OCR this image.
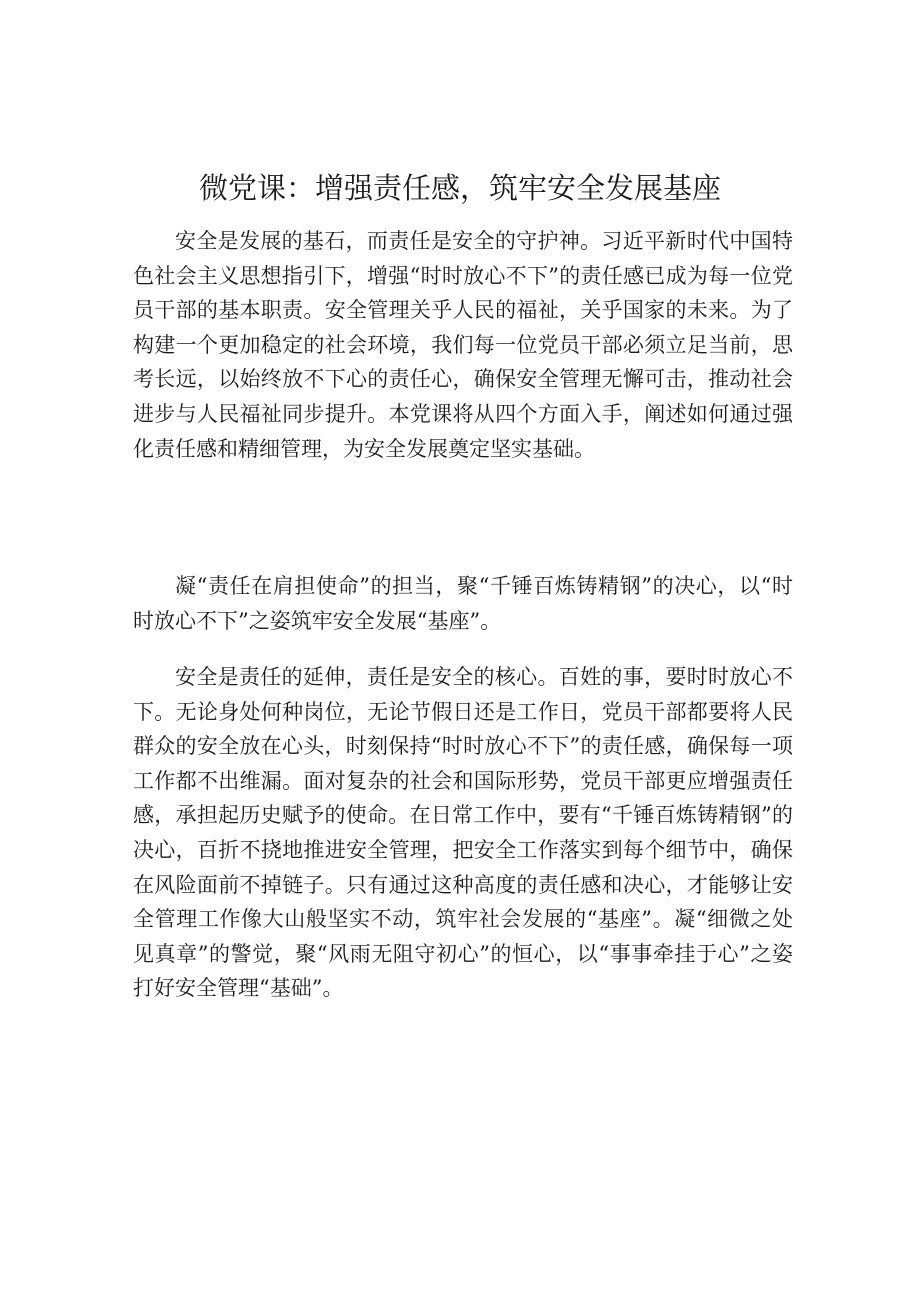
微党课：增强责任感，筑牢安全发展基座

安全是发展的基石，而责任是安全的守护神。习近平新时代中国特色社会主义思想指引下，增强“时时放心不下”的责任感已成为每一位党员干部的基本职责。安全管理关乎人民的福祉，关乎国家的未来。为了构建一个更加稳定的社会环境，我们每一位党员干部必须立足当前，思考长远，以始终放不下心的责任心，确保安全管理无懈可击，推动社会进步与人民福祉同步提升。本党课将从四个方面入手，阐述如何通过强化责任感和精细管理，为安全发展奠定坚实基础。

凝“责任在肩担使命”的担当，聚“千锤百炼铸精钢”的决心，以“时时放心不下”之姿筑牢安全发展“基座”。

安全是责任的延伸，责任是安全的核心。百姓的事，要时时放心不下。无论身处何种岗位，无论节假日还是工作日，党员干部都要将人民群众的安全放在心头，时刻保持“时时放心不下”的责任感，确保每一项工作都不出维漏。面对复杂的社会和国际形势，党员干部更应增强责任感，承担起历史赋予的使命。在日常工作中，要有“千锤百炼铸精钢”的决心，百折不挠地推进安全管理，把安全工作落实到每个细节中，确保在风险面前不掉链子。只有通过这种高度的责任感和决心，才能够让安全管理工作像大山般坚实不动，筑牢社会发展的“基座”。凝“细微之处见真章”的警觉，聚“风雨无阻守初心”的恒心，以“事事牵挂于心”之姿打好安全管理“基础”。
